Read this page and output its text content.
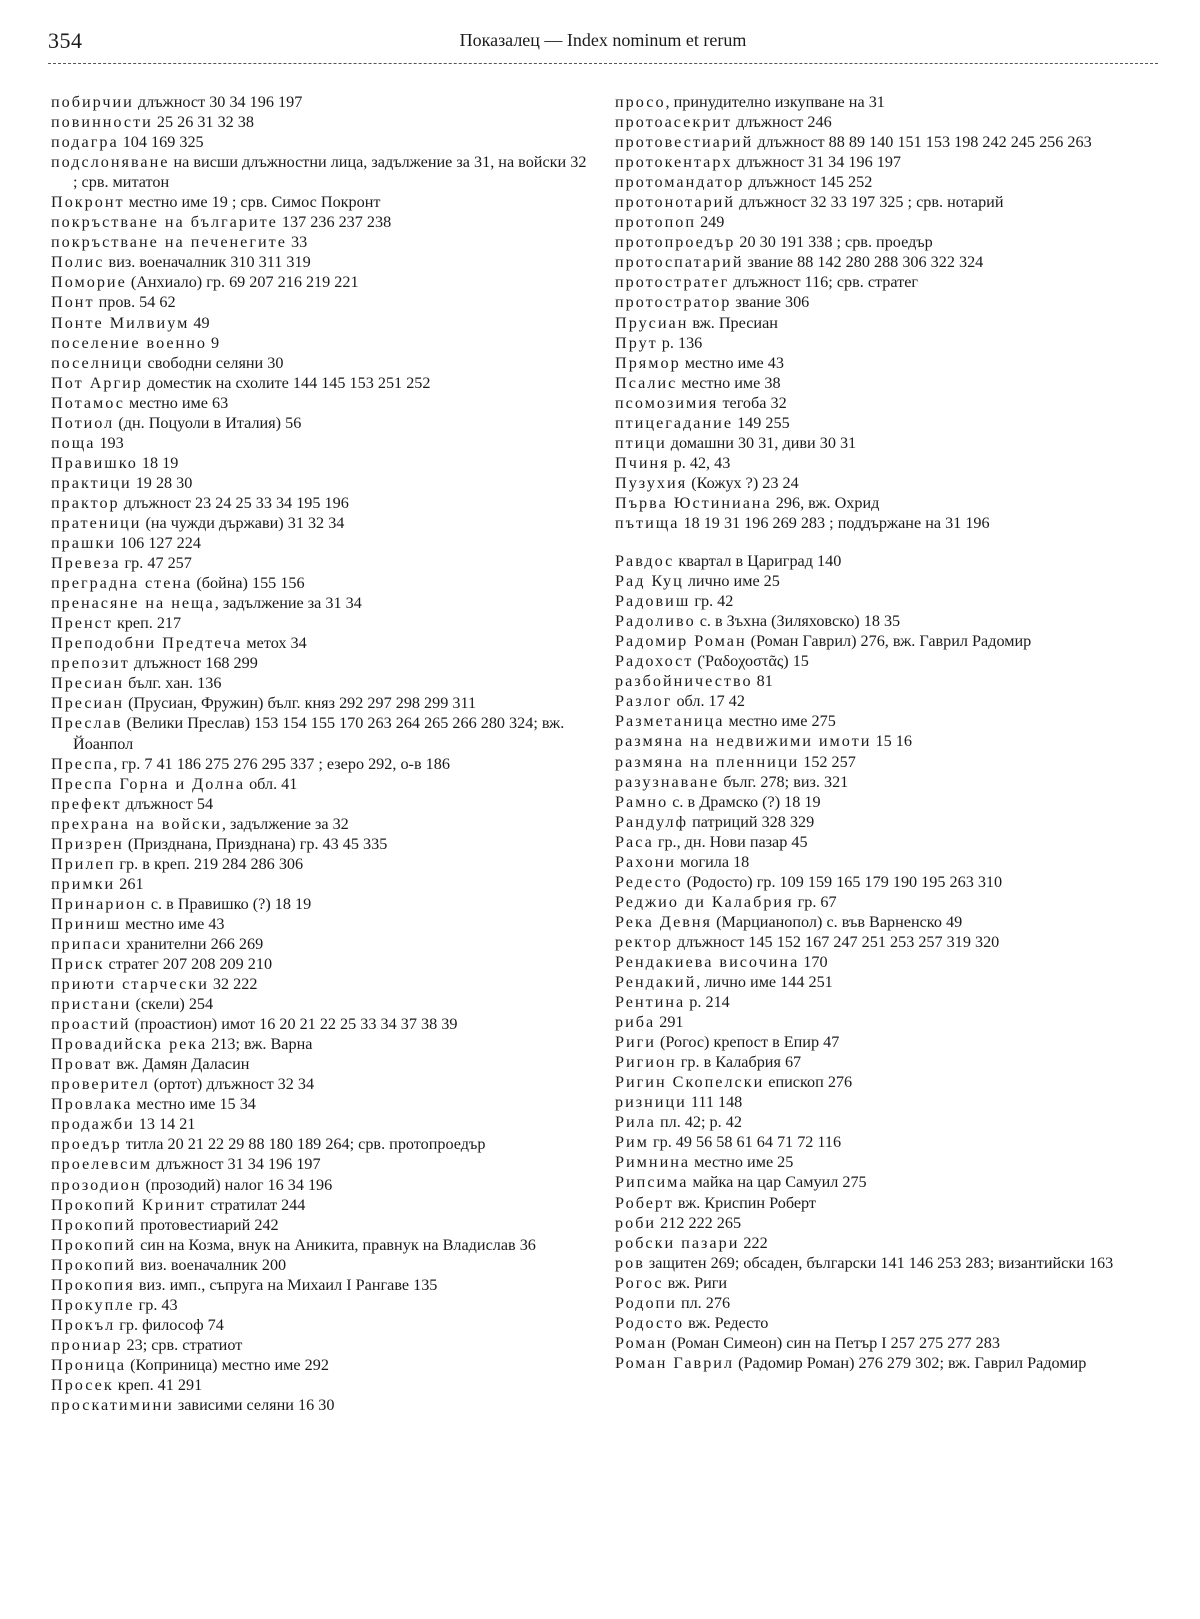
354	Показалец — Index nominum et rerum

побирчии длъжност 30 34 196 197

повинности 25 26 31 32 38

подагра 104 169 325

подслоняване на висши длъжностни лица, задължение за 31, на войски 32 ; срв. митатон

Покронт местно име 19 ; срв. Симос Покронт

покръстване на българите 137 236 237 238

покръстване на печенегите 33

Полис виз. военачалник 310 311 319

Поморие (Анхиало) гр. 69 207 216 219 221

Понт пров. 54 62

Понте Милвиум 49

поселение военно 9

поселници свободни селяни 30

Пот Аргир доместик на схолите 144 145 153 251 252

Потамос местно име 63

Потиол (дн. Поцуоли в Италия) 56

поща 193

Правишко 18 19

практици 19 28 30

практор длъжност 23 24 25 33 34 195 196

пратеници (на чужди държави) 31 32 34

прашки 106 127 224

Превеза гр. 47 257

преградна стена (бойна) 155 156

пренасяне на неща, задължение за 31 34

Пренст креп. 217

Преподобни Предтеча метох 34

препозит длъжност 168 299

Пресиан бълг. хан. 136

Пресиан (Прусиан, Фружин) бълг. княз 292 297 298 299 311

Преслав (Велики Преслав) 153 154 155 170 263 264 265 266 280 324; вж. Йоанпол

Преспа, гр. 7 41 186 275 276 295 337 ; езеро 292, о-в 186

Преспа Горна и Долна обл. 41

префект длъжност 54

прехрана на войски, задължение за 32

Призрен (Призднана, Призднана) гр. 43 45 335

Прилеп гр. в креп. 219 284 286 306

примки 261

Принарион с. в Правишко (?) 18 19

Приниш местно име 43

припаси хранителни 266 269

Приск стратег 207 208 209 210

приюти старчески 32 222

пристани (скели) 254

проастий (проастион) имот 16 20 21 22 25 33 34 37 38 39

Провадийска река 213; вж. Варна

Проват вж. Дамян Даласин

проверител (ортот) длъжност 32 34

Провлака местно име 15 34

продажби 13 14 21

проедър титла 20 21 22 29 88 180 189 264; срв. протопроедър

проелевсим длъжност 31 34 196 197

прозодион (прозодий) налог 16 34 196

Прокопий Кринит стратилат 244

Прокопий протовестиарий 242

Прокопий син на Козма, внук на Аникита, правнук на Владислав 36

Прокопий виз. военачалник 200

Прокопия виз. имп., съпруга на Михаил I Рангаве 135

Прокупле гр. 43

Прокъл гр. философ 74

прониар 23; срв. стратиот

Проница (Коприница) местно име 292

Просек креп. 41 291

проскатимини зависими селяни 16 30

просо, принудително изкупване на 31

протоасекрит длъжност 246

протовестиарий длъжност 88 89 140 151 153 198 242 245 256 263

протокентарх длъжност 31 34 196 197

протомандатор длъжност 145 252

протонотарий длъжност 32 33 197 325 ; срв. нотарий

протопоп 249

протопроедър 20 30 191 338 ; срв. проедър

протоспатарий звание 88 142 280 288 306 322 324

протостратег длъжност 116; срв. стратег

протостратор звание 306

Прусиан вж. Пресиан

Прут р. 136

Прямор местно име 43

Псалис местно име 38

псомозимия тегоба 32

птицегадание 149 255

птици домашни 30 31, диви 30 31

Пчиня р. 42, 43

Пузухия (Кожух ?) 23 24

Първа Юстиниана 296, вж. Охрид

пътища 18 19 31 196 269 283 ; поддържане на 31 196

Равдос квартал в Цариград 140

Рад Куц лично име 25

Радовиш гр. 42

Радоливо с. в Зъхна (Зиляховско) 18 35

Радомир Роман (Роман Гаврил) 276, вж. Гаврил Радомир

Радохост (Ῥαδοχοστᾶς) 15

разбойничество 81

Разлог обл. 17 42

Разметаница местно име 275

размяна на недвижими имоти 15 16

размяна на пленници 152 257

разузнаване бълг. 278; виз. 321

Рамно с. в Драмско (?) 18 19

Рандулф патриций 328 329

Раса гр., дн. Нови пазар 45

Рахони могила 18

Редесто (Родосто) гр. 109 159 165 179 190 195 263 310

Реджио ди Калабрия гр. 67

Река Девня (Марцианопол) с. във Варненско 49

ректор длъжност 145 152 167 247 251 253 257 319 320

Рендакиева височина 170

Рендакий, лично име 144 251

Рентина р. 214

риба 291

Риги (Рогос) крепост в Епир 47

Ригион гр. в Калабрия 67

Ригин Скопелски епископ 276

ризници 111 148

Рила пл. 42; р. 42

Рим гр. 49 56 58 61 64 71 72 116

Римнина местно име 25

Рипсима майка на цар Самуил 275

Роберт вж. Криспин Роберт

роби 212 222 265

робски пазари 222

ров защитен 269; обсаден, български 141 146 253 283; византийски 163

Рогос вж. Риги

Родопи пл. 276

Родосто вж. Редесто

Роман (Роман Симеон) син на Петър I 257 275 277 283

Роман Гаврил (Радомир Роман) 276 279 302; вж. Гаврил Радомир
